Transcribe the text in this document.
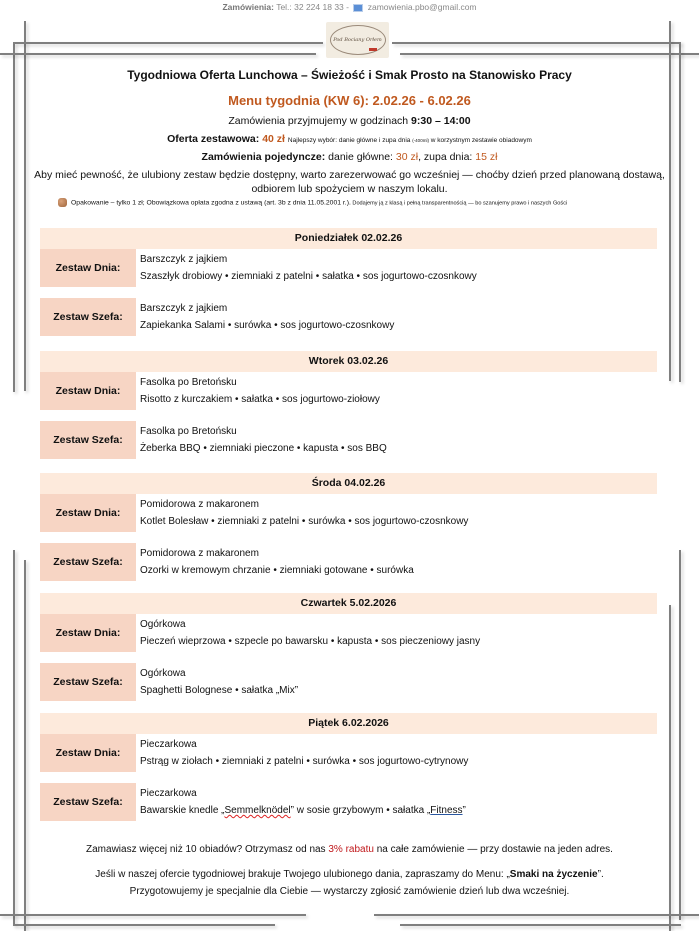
Zamówienia: Tel.: 32 224 18 33 - zamowienia.pbo@gmail.com
Pod Bociany Orłem
Tygodniowa Oferta Lunchowa – Świeżość i Smak Prosto na Stanowisko Pracy
Menu tygodnia (KW 6): 2.02.26 - 6.02.26
Zamówienia przyjmujemy w godzinach 9:30 – 14:00
Oferta zestawowa: 40 zł Najlepszy wybór: danie główne i zupa dnia (-400ml) w korzystnym zestawie obiadowym
Zamówienia pojedyncze: danie główne: 30 zł, zupa dnia: 15 zł
Aby mieć pewność, że ulubiony zestaw będzie dostępny, warto zarezerwować go wcześniej — choćby dzień przed planowaną dostawą,
odbiorem lub spożyciem w naszym lokalu.
Opakowanie – tylko 1 zł; Obowiązkowa opłata zgodna z ustawą (art. 3b z dnia 11.05.2001 r.). Dodajemy ją z klasą i pełną transparentnością — bo szanujemy prawo i naszych Gości
Poniedziałek 02.02.26
Zestaw Dnia:
Barszczyk z jajkiem
Szaszłyk drobiowy • ziemniaki z patelni • sałatka • sos jogurtowo-czosnkowy
Zestaw Szefa:
Barszczyk z jajkiem
Zapiekanka Salami • surówka • sos jogurtowo-czosnkowy
Wtorek 03.02.26
Zestaw Dnia:
Fasolka po Bretońsku
Risotto z kurczakiem • sałatka • sos jogurtowo-ziołowy
Zestaw Szefa:
Fasolka po Bretońsku
Żeberka BBQ • ziemniaki pieczone • kapusta • sos BBQ
Środa 04.02.26
Zestaw Dnia:
Pomidorowa z makaronem
Kotlet Bolesław • ziemniaki z patelni • surówka • sos jogurtowo-czosnkowy
Zestaw Szefa:
Pomidorowa z makaronem
Ozorki w kremowym chrzanie • ziemniaki gotowane • surówka
Czwartek 5.02.2026
Zestaw Dnia:
Ogórkowa
Pieczeń wieprzowa • szpecle po bawarsku • kapusta • sos pieczeniowy jasny
Zestaw Szefa:
Ogórkowa
Spaghetti Bolognese • sałatka „Mix”
Piątek 6.02.2026
Zestaw Dnia:
Pieczarkowa
Pstrąg w ziołach • ziemniaki z patelni • surówka • sos jogurtowo-cytrynowy
Zestaw Szefa:
Pieczarkowa
Bawarskie knedle „Semmelknödel” w sosie grzybowym • sałatka „Fitness”
Zamawiasz więcej niż 10 obiadów? Otrzymasz od nas 3% rabatu na całe zamówienie — przy dostawie na jeden adres.
Jeśli w naszej ofercie tygodniowej brakuje Twojego ulubionego dania, zapraszamy do Menu: „Smaki na życzenie”.
Przygotowujemy je specjalnie dla Ciebie — wystarczy zgłosić zamówienie dzień lub dwa wcześniej.
